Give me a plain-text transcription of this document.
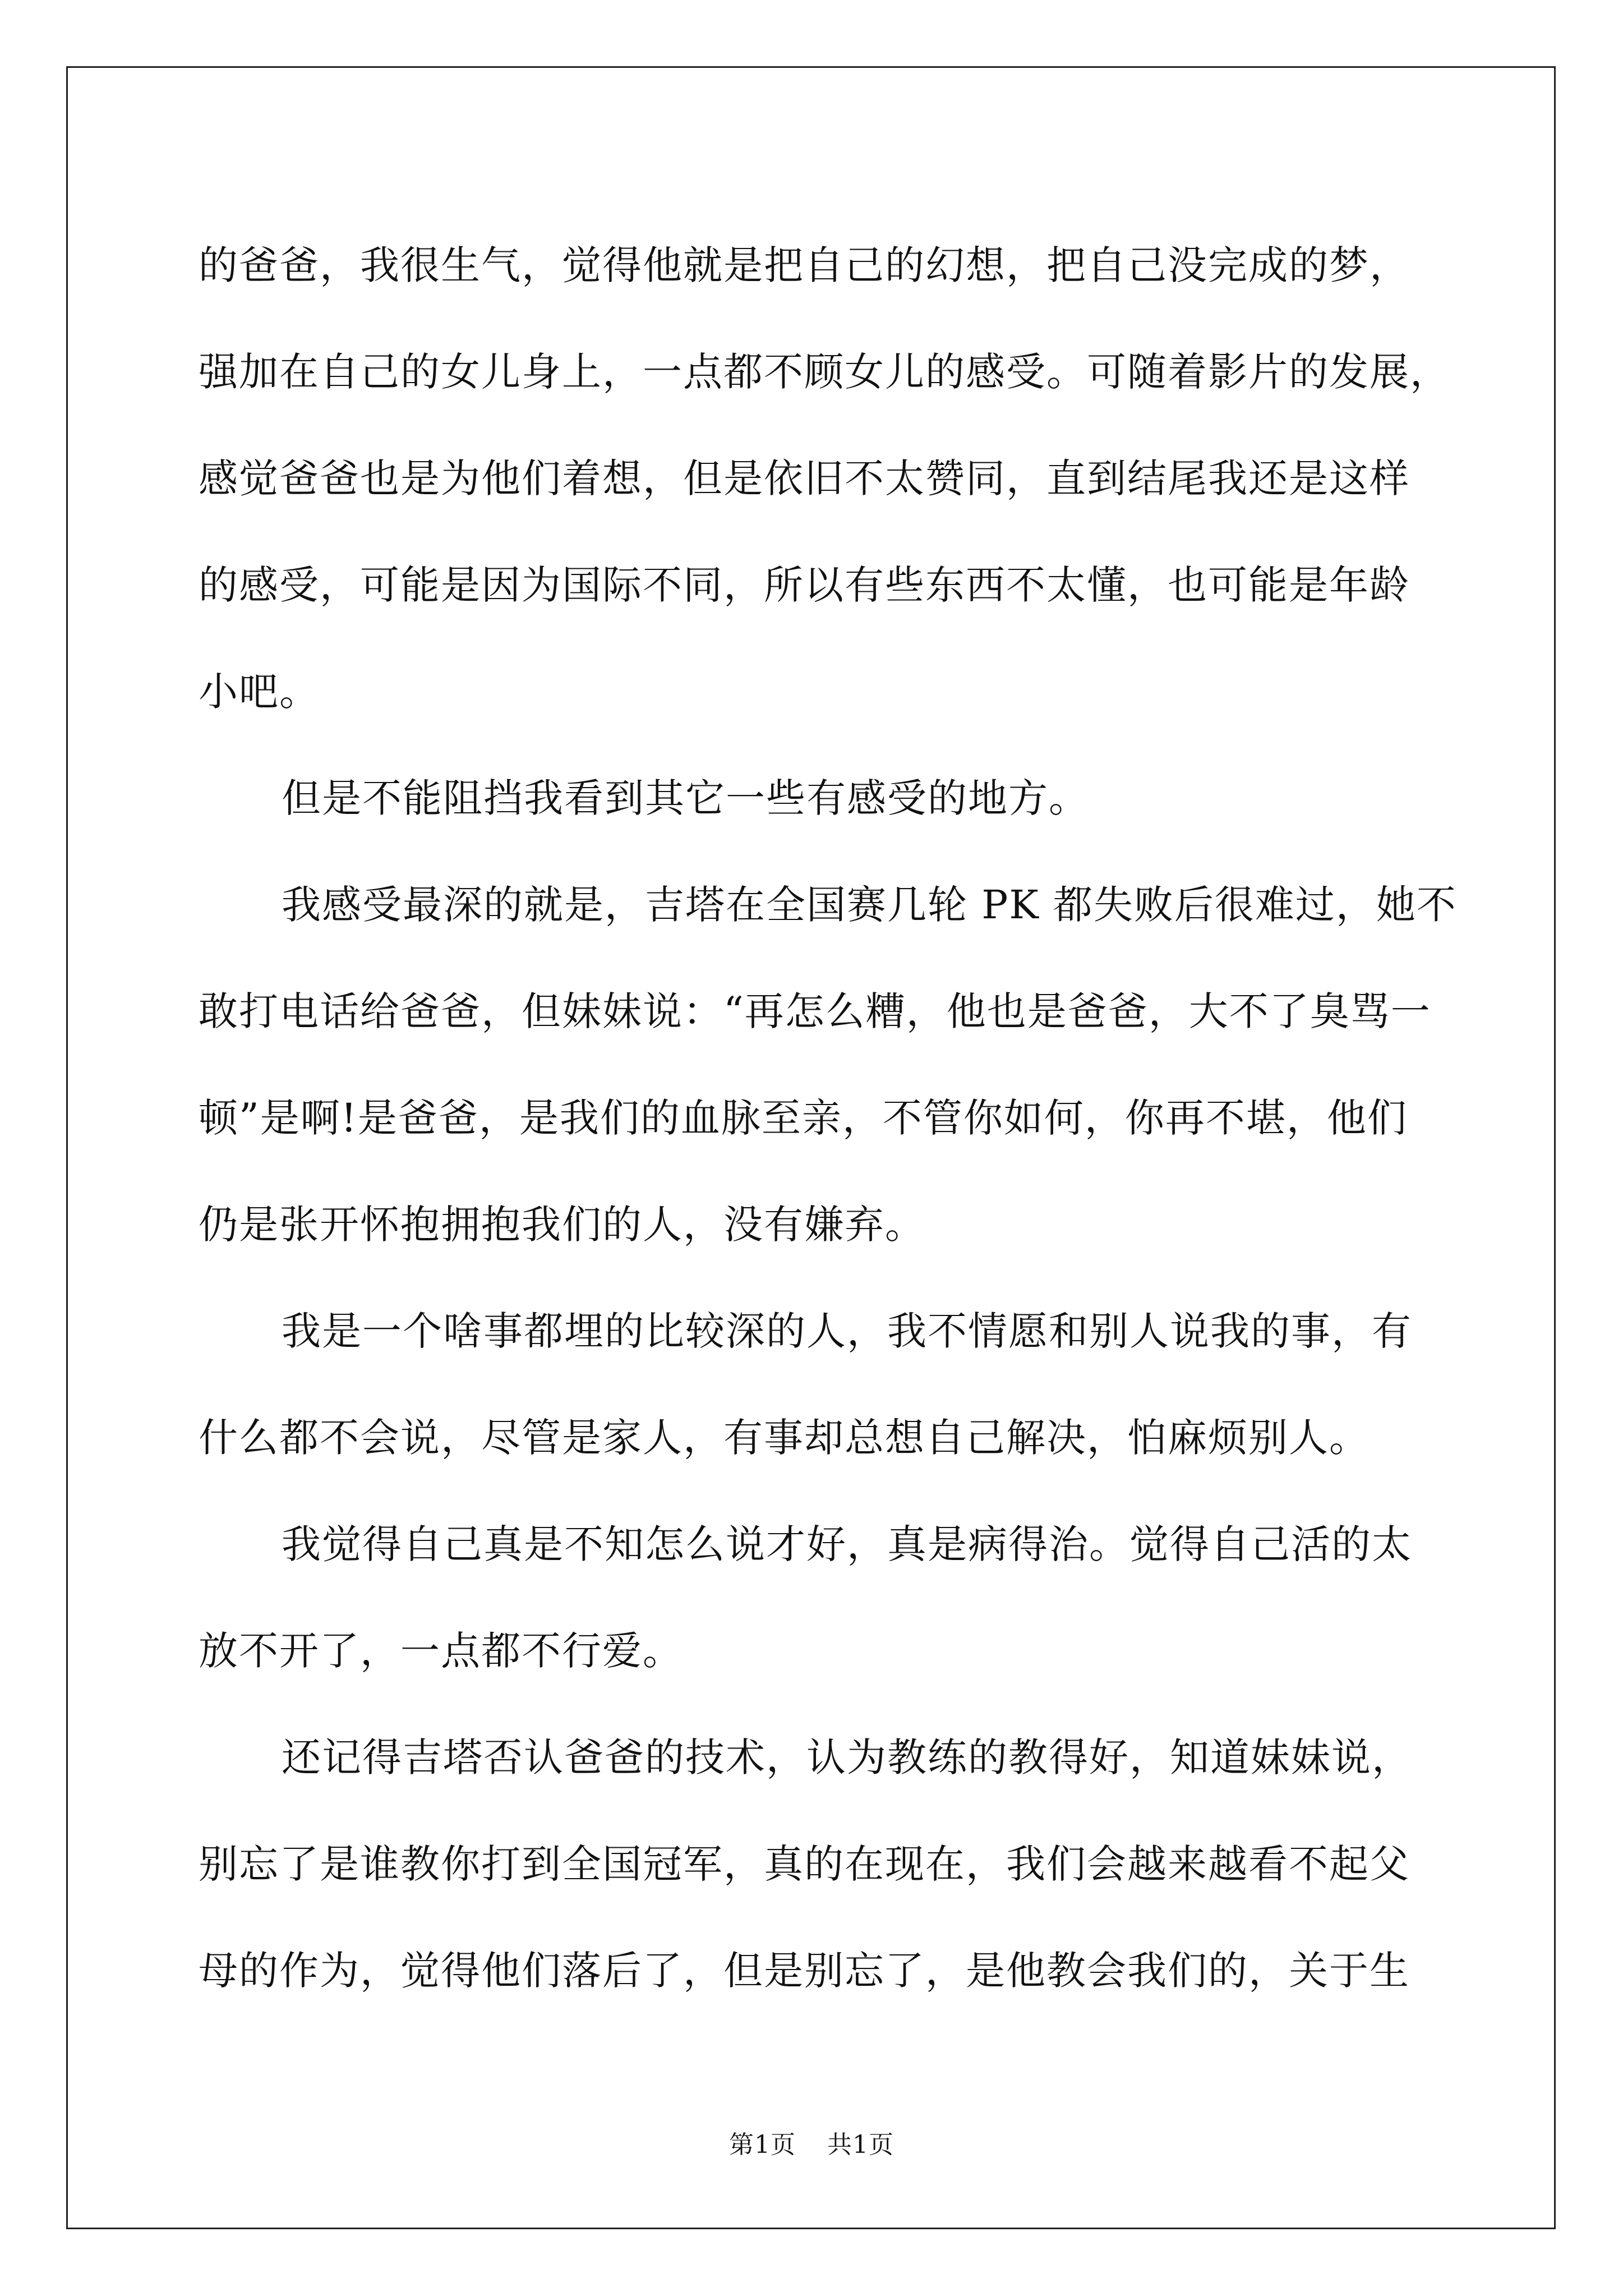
的爸爸，我很生气，觉得他就是把自己的幻想，把自己没完成的梦，
强加在自己的女儿身上，一点都不顾女儿的感受。可随着影片的发展，
感觉爸爸也是为他们着想，但是依旧不太赞同，直到结尾我还是这样
的感受，可能是因为国际不同，所以有些东西不太懂，也可能是年龄
小吧。
但是不能阻挡我看到其它一些有感受的地方。
我感受最深的就是，吉塔在全国赛几轮 PK 都失败后很难过，她不
敢打电话给爸爸，但妹妹说：“再怎么糟，他也是爸爸，大不了臭骂一
顿”是啊!是爸爸，是我们的血脉至亲，不管你如何，你再不堪，他们
仍是张开怀抱拥抱我们的人，没有嫌弃。
我是一个啥事都埋的比较深的人，我不情愿和别人说我的事，有
什么都不会说，尽管是家人，有事却总想自己解决，怕麻烦别人。
我觉得自己真是不知怎么说才好，真是病得治。觉得自己活的太
放不开了，一点都不行爱。
还记得吉塔否认爸爸的技术，认为教练的教得好，知道妹妹说，
别忘了是谁教你打到全国冠军，真的在现在，我们会越来越看不起父
母的作为，觉得他们落后了，但是别忘了，是他教会我们的，关于生
第1页 共1页
